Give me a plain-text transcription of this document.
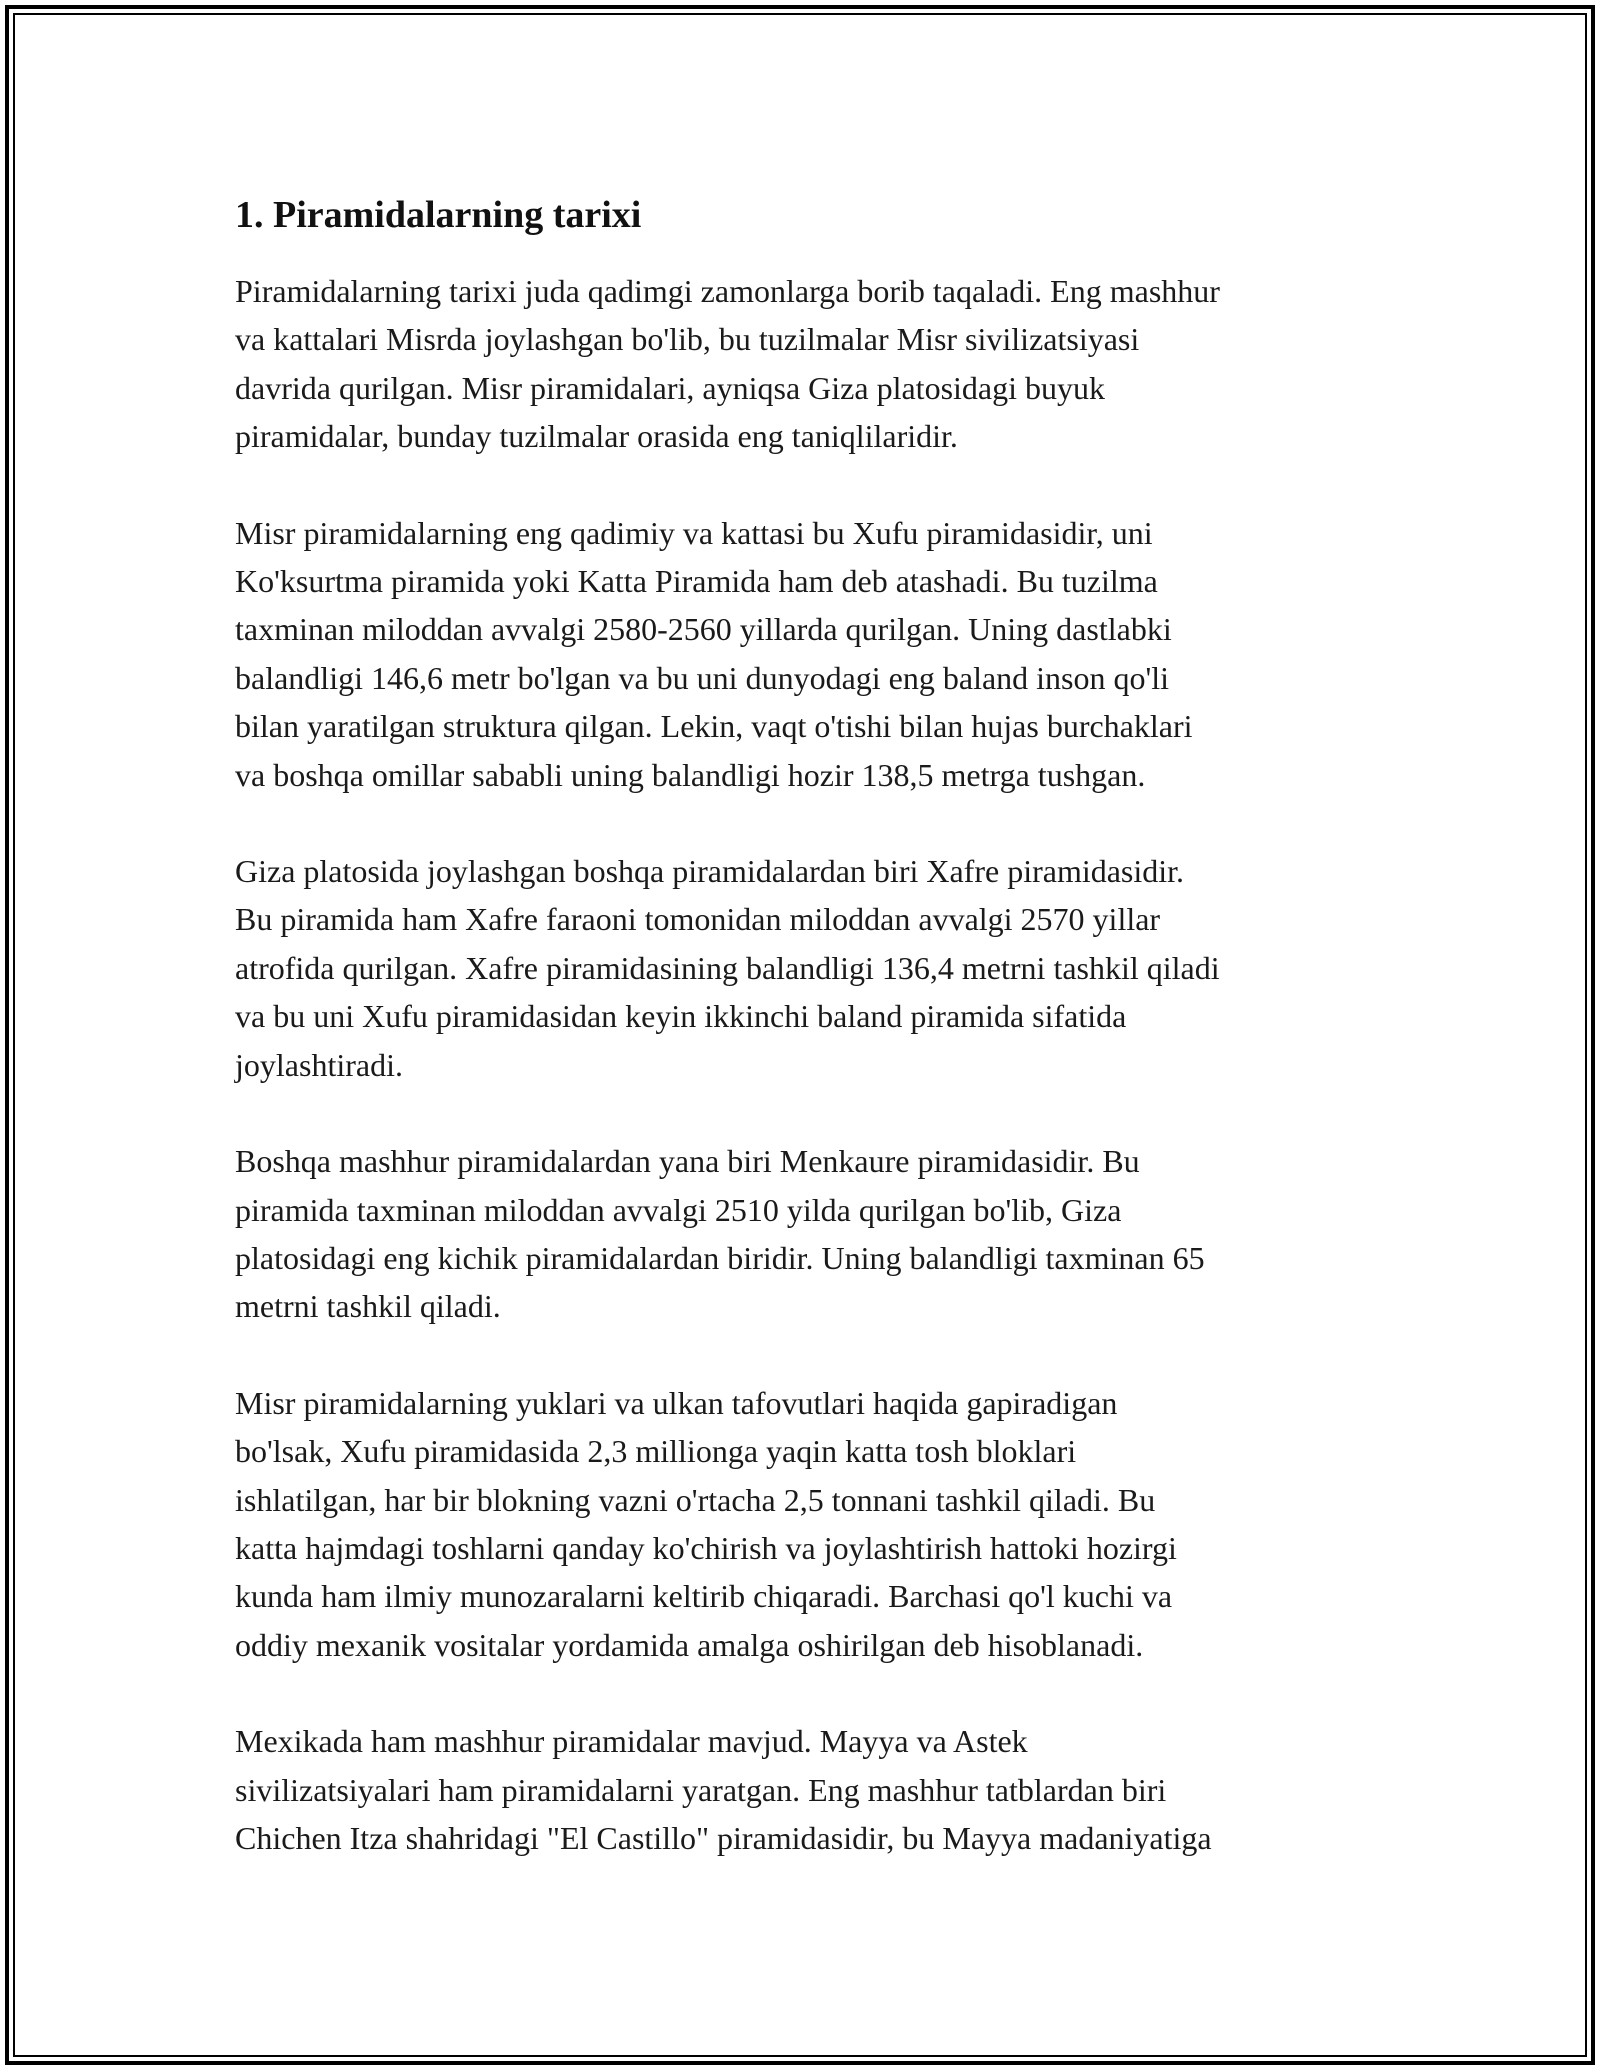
1. Piramidalarning tarixi

Piramidalarning tarixi juda qadimgi zamonlarga borib taqaladi. Eng mashhur
va kattalari Misrda joylashgan bo'lib, bu tuzilmalar Misr sivilizatsiyasi
davrida qurilgan. Misr piramidalari, ayniqsa Giza platosidagi buyuk
piramidalar, bunday tuzilmalar orasida eng taniqlilaridir.

Misr piramidalarning eng qadimiy va kattasi bu Xufu piramidasidir, uni
Ko'ksurtma piramida yoki Katta Piramida ham deb atashadi. Bu tuzilma
taxminan miloddan avvalgi 2580-2560 yillarda qurilgan. Uning dastlabki
balandligi 146,6 metr bo'lgan va bu uni dunyodagi eng baland inson qo'li
bilan yaratilgan struktura qilgan. Lekin, vaqt o'tishi bilan hujas burchaklari
va boshqa omillar sababli uning balandligi hozir 138,5 metrga tushgan.

Giza platosida joylashgan boshqa piramidalardan biri Xafre piramidasidir.
Bu piramida ham Xafre faraoni tomonidan miloddan avvalgi 2570 yillar
atrofida qurilgan. Xafre piramidasining balandligi 136,4 metrni tashkil qiladi
va bu uni Xufu piramidasidan keyin ikkinchi baland piramida sifatida
joylashtiradi.

Boshqa mashhur piramidalardan yana biri Menkaure piramidasidir. Bu
piramida taxminan miloddan avvalgi 2510 yilda qurilgan bo'lib, Giza
platosidagi eng kichik piramidalardan biridir. Uning balandligi taxminan 65
metrni tashkil qiladi.

Misr piramidalarning yuklari va ulkan tafovutlari haqida gapiradigan
bo'lsak, Xufu piramidasida 2,3 millionga yaqin katta tosh bloklari
ishlatilgan, har bir blokning vazni o'rtacha 2,5 tonnani tashkil qiladi. Bu
katta hajmdagi toshlarni qanday ko'chirish va joylashtirish hattoki hozirgi
kunda ham ilmiy munozaralarni keltirib chiqaradi. Barchasi qo'l kuchi va
oddiy mexanik vositalar yordamida amalga oshirilgan deb hisoblanadi.

Mexikada ham mashhur piramidalar mavjud. Mayya va Astek
sivilizatsiyalari ham piramidalarni yaratgan. Eng mashhur tatblardan biri
Chichen Itza shahridagi "El Castillo" piramidasidir, bu Mayya madaniyatiga
